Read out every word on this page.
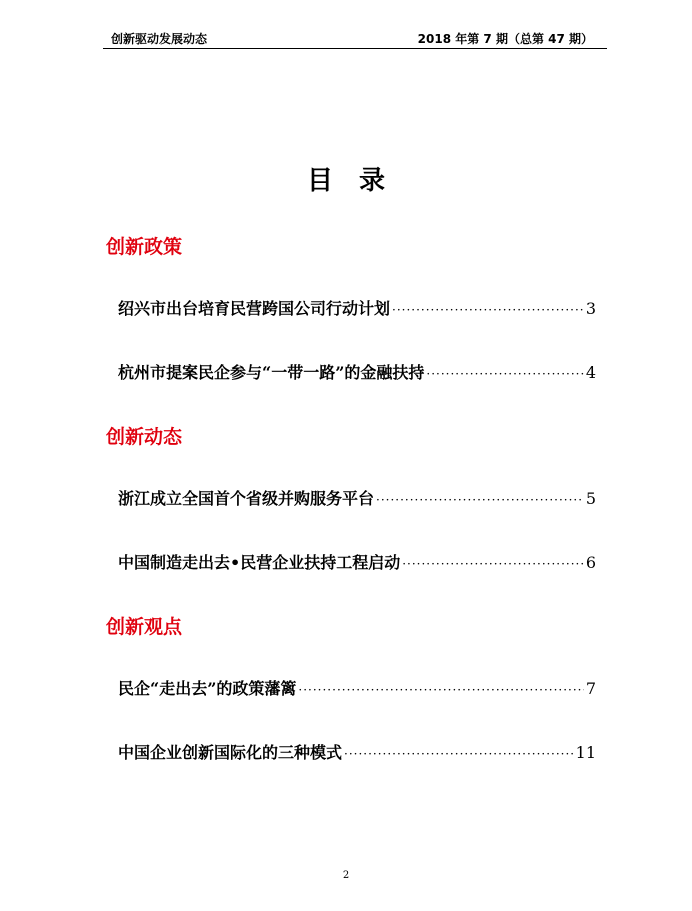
创新驱动发展动态	2018 年第 7 期（总第 47 期）
目录
创新政策
绍兴市出台培育民营跨国公司行动计划 ·····	3
杭州市提案民企参与“一带一路”的金融扶持 ·····	4
创新动态
浙江成立全国首个省级并购服务平台 ·····	5
中国制造走出去•民营企业扶持工程启动 ·····	6
创新观点
民企“走出去”的政策藩篱 ·····	7
中国企业创新国际化的三种模式 ·····	11
2
